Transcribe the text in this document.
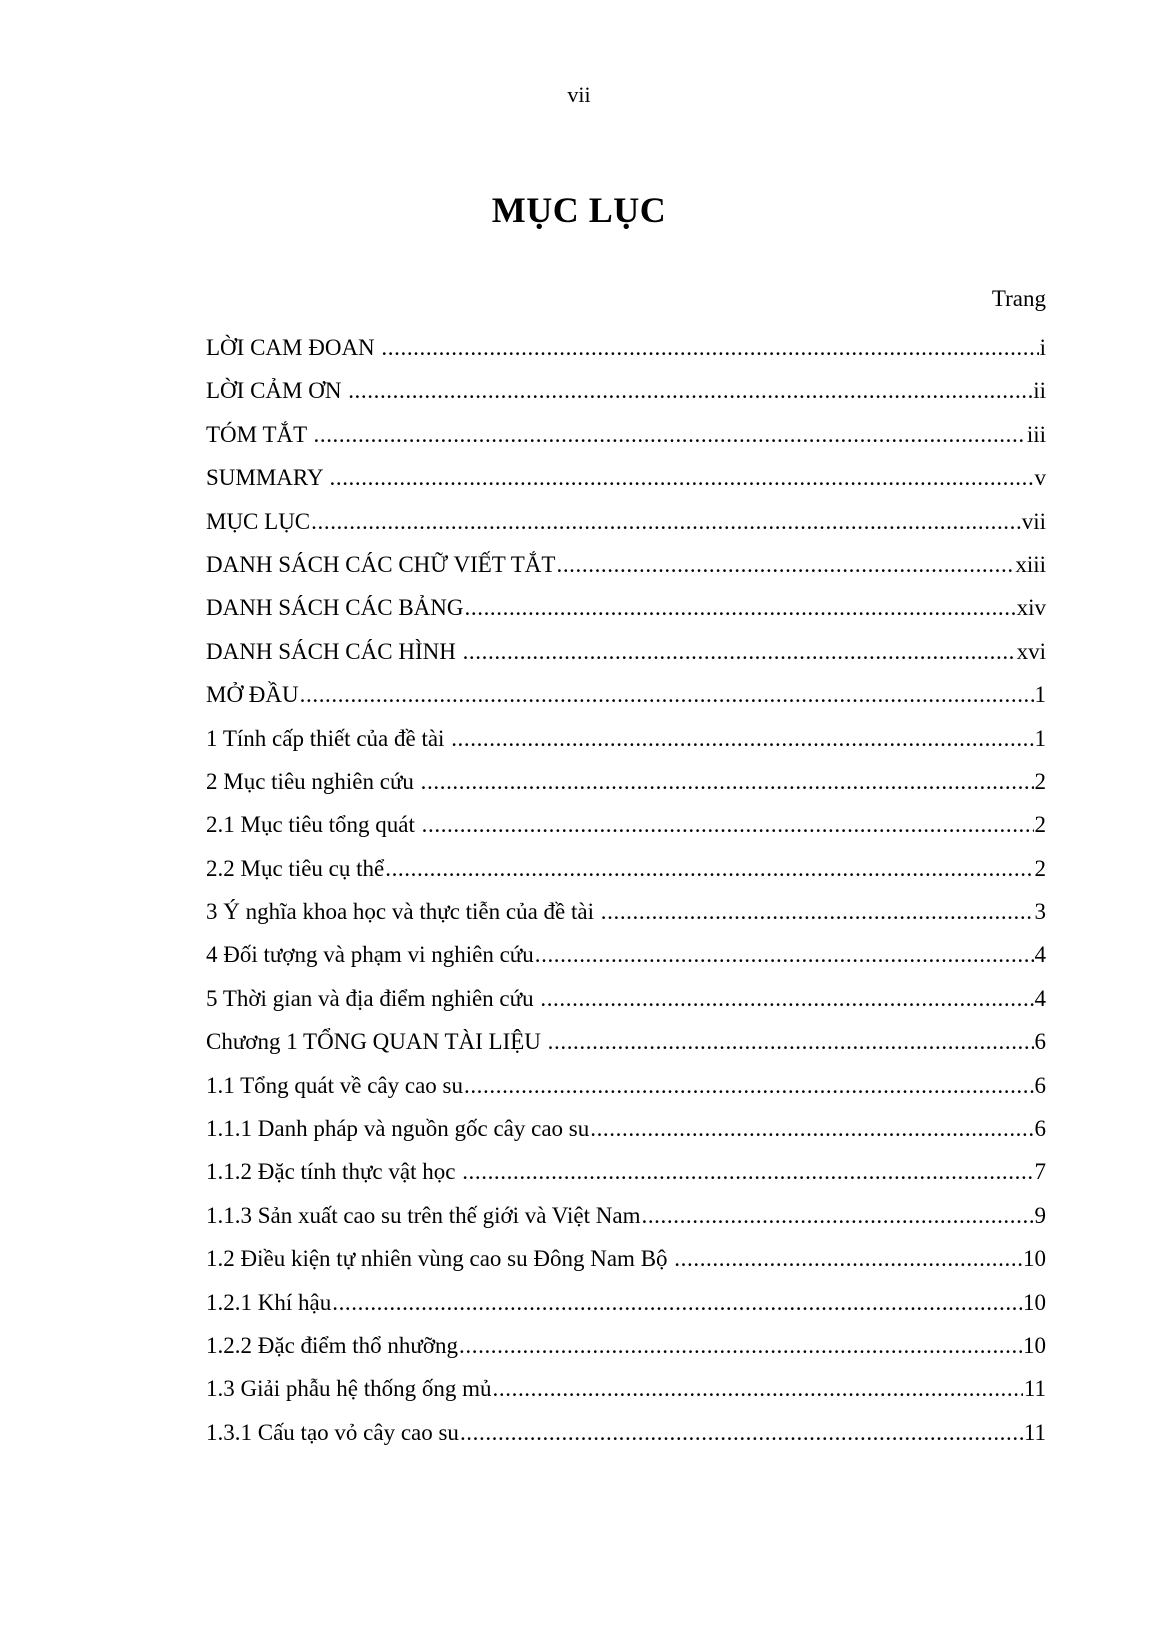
vii
MỤC LỤC
Trang
LỜI CAM ĐOAN .....	i
LỜI CẢM ƠN .....	ii
TÓM TẮT .....	iii
SUMMARY .....	v
MỤC LỤC .....	vii
DANH SÁCH CÁC CHỮ VIẾT TẮT .....	xiii
DANH SÁCH CÁC BẢNG .....	xiv
DANH SÁCH CÁC HÌNH .....	xvi
MỞ ĐẦU .....	1
1 Tính cấp thiết của đề tài .....	1
2 Mục tiêu nghiên cứu .....	2
2.1 Mục tiêu tổng quát .....	2
2.2 Mục tiêu cụ thể .....	2
3 Ý nghĩa khoa học và thực tiễn của đề tài .....	3
4 Đối tượng và phạm vi nghiên cứu .....	4
5 Thời gian và địa điểm nghiên cứu .....	4
Chương 1 TỔNG QUAN TÀI LIỆU .....	6
1.1 Tổng quát về cây cao su .....	6
1.1.1 Danh pháp và nguồn gốc cây cao su .....	6
1.1.2 Đặc tính thực vật học .....	7
1.1.3 Sản xuất cao su trên thế giới và Việt Nam .....	9
1.2 Điều kiện tự nhiên vùng cao su Đông Nam Bộ .....	10
1.2.1 Khí hậu .....	10
1.2.2 Đặc điểm thổ nhưỡng .....	10
1.3 Giải phẫu hệ thống ống mủ .....	11
1.3.1 Cấu tạo vỏ cây cao su .....	11
